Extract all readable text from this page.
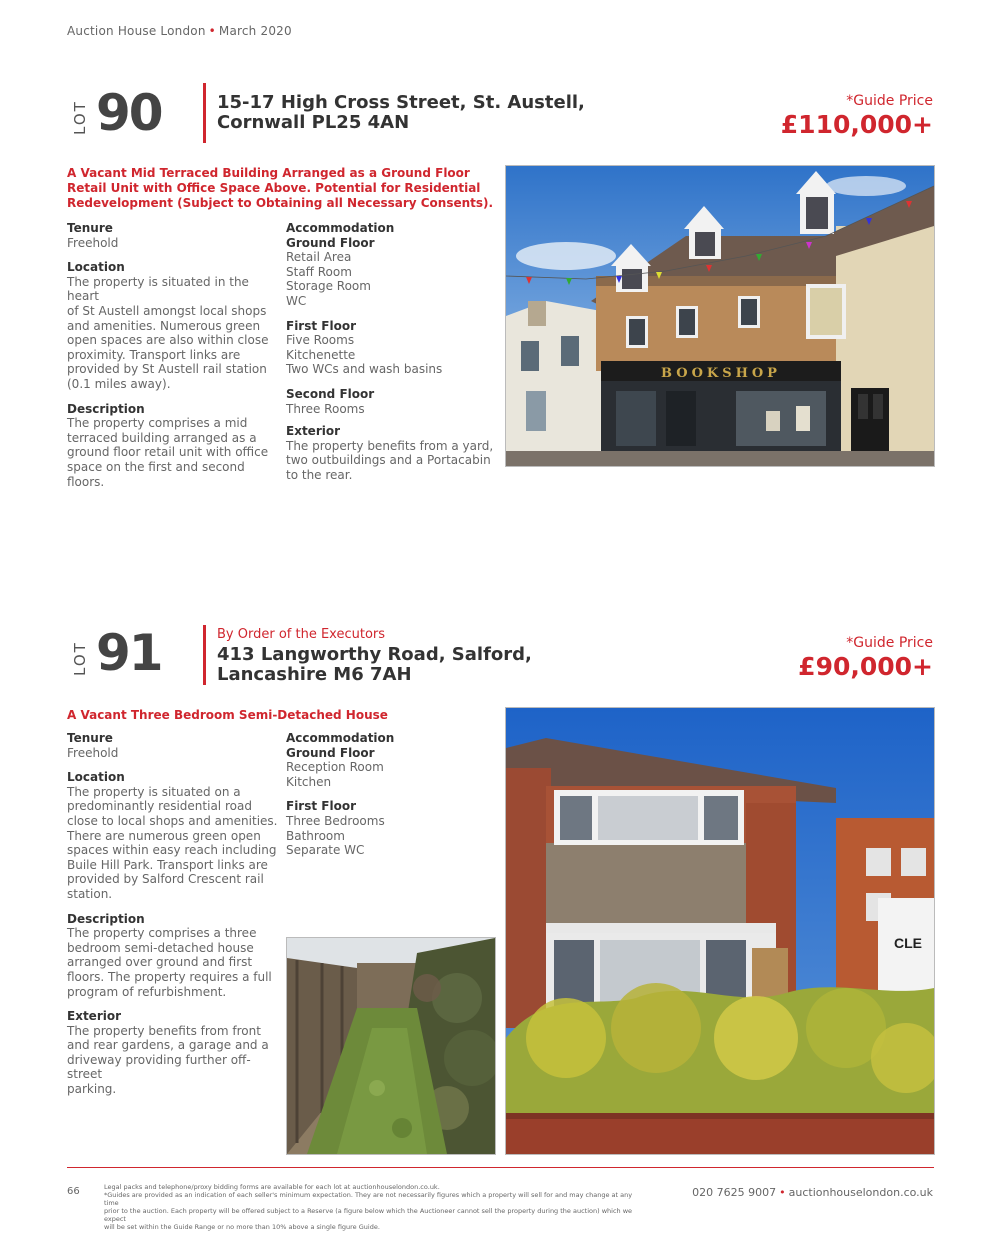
Auction House London • March 2020
LOT 90	15-17 High Cross Street, St. Austell,
Cornwall PL25 4AN
*Guide Price
£110,000+
A Vacant Mid Terraced Building Arranged as a Ground Floor
Retail Unit with Office Space Above. Potential for Residential
Redevelopment (Subject to Obtaining all Necessary Consents).
Tenure
Freehold
Location
The property is situated in the heart
of St Austell amongst local shops
and amenities. Numerous green
open spaces are also within close
proximity. Transport links are
provided by St Austell rail station
(0.1 miles away).
Description
The property comprises a mid
terraced building arranged as a
ground floor retail unit with office
space on the first and second
floors.
Accommodation
Ground Floor
Retail Area
Staff Room
Storage Room
WC
First Floor
Five Rooms
Kitchenette
Two WCs and wash basins
Second Floor
Three Rooms
Exterior
The property benefits from a yard,
two outbuildings and a Portacabin
to the rear.
BOOKSHOP
LOT 91	By Order of the Executors
413 Langworthy Road, Salford,
Lancashire M6 7AH
*Guide Price
£90,000+
A Vacant Three Bedroom Semi-Detached House
Tenure
Freehold
Location
The property is situated on a
predominantly residential road
close to local shops and amenities.
There are numerous green open
spaces within easy reach including
Buile Hill Park. Transport links are
provided by Salford Crescent rail
station.
Description
The property comprises a three
bedroom semi-detached house
arranged over ground and first
floors. The property requires a full
program of refurbishment.
Exterior
The property benefits from front
and rear gardens, a garage and a
driveway providing further off-street
parking.
Accommodation
Ground Floor
Reception Room
Kitchen
First Floor
Three Bedrooms
Bathroom
Separate WC
CLE
66	Legal packs and telephone/proxy bidding forms are available for each lot at auctionhouselondon.co.uk.
*Guides are provided as an indication of each seller's minimum expectation. They are not necessarily figures which a property will sell for and may change at any time
prior to the auction. Each property will be offered subject to a Reserve (a figure below which the Auctioneer cannot sell the property during the auction) which we expect
will be set within the Guide Range or no more than 10% above a single figure Guide.
020 7625 9007 • auctionhouselondon.co.uk
